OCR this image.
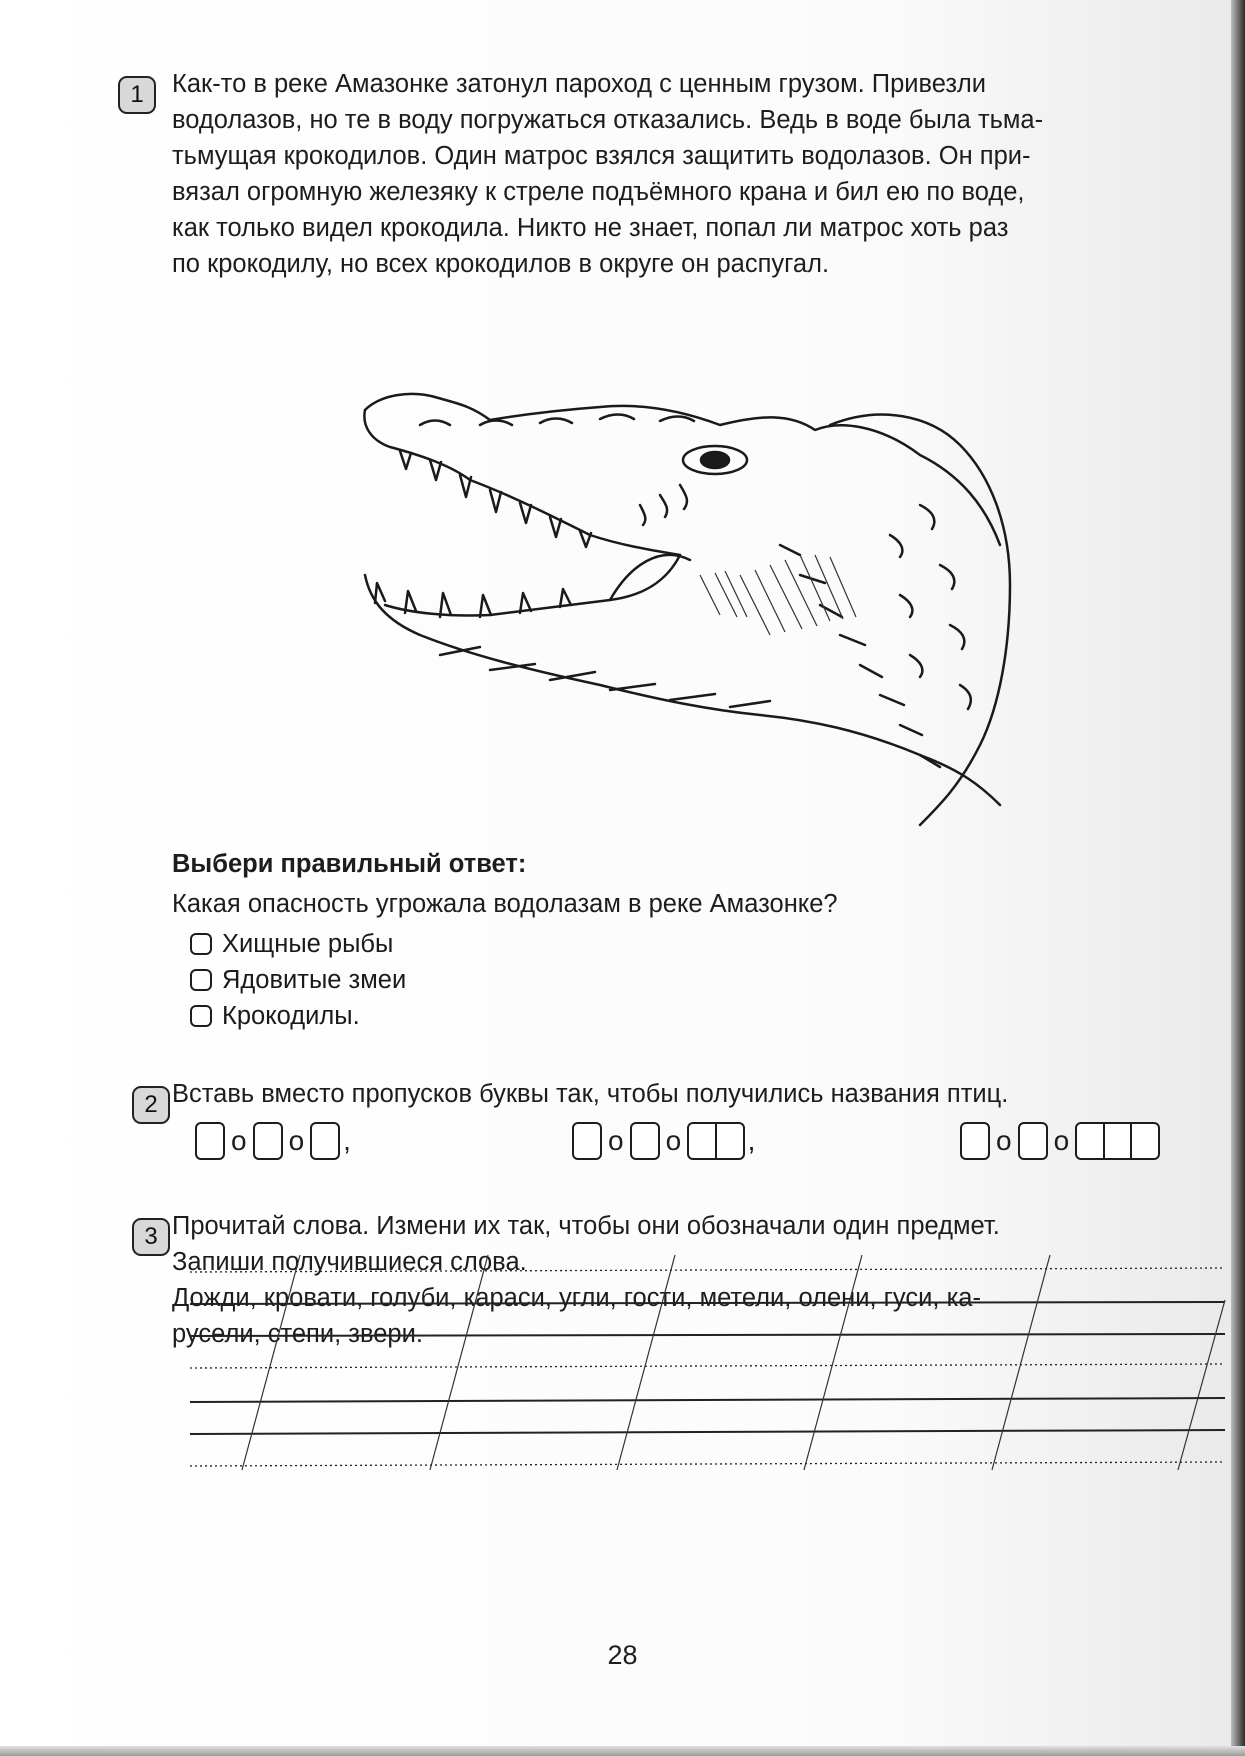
1	Как-то в реке Амазонке затонул пароход с ценным грузом. Привезли
водолазов, но те в воду погружаться отказались. Ведь в воде была тьма-
тьмущая крокодилов. Один матрос взялся защитить водолазов. Он при-
вязал огромную железяку к стреле подъёмного крана и бил ею по воде,
как только видел крокодила. Никто не знает, попал ли матрос хоть раз
по крокодилу, но всех крокодилов в округе он распугал.
Выбери правильный ответ:
Какая опасность угрожала водолазам в реке Амазонке?
Хищные рыбы
Ядовитые змеи
Крокодилы.
2 Вставь вместо пропусков буквы так, чтобы получились названия птиц.
о о ,	о о ,	о о
3 Прочитай слова. Измени их так, чтобы они обозначали один предмет.
Запиши получившиеся слова.
Дожди, кровати, голуби, караси, угли, гости, метели, олени, гуси, ка-
русели, степи, звери.
28
